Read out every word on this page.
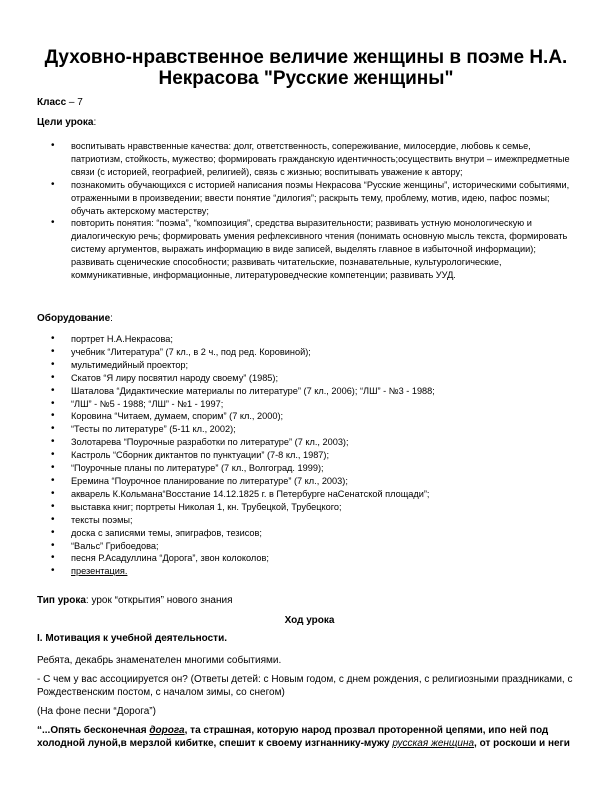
Духовно-нравственное величие женщины в поэме Н.А. Некрасова "Русские женщины"

Класс – 7

Цели урока:

• воспитывать нравственные качества: долг, ответственность, сопереживание, милосердие, любовь к семье, патриотизм, стойкость, мужество; формировать гражданскую идентичность;осуществить внутри – имежпредметные связи (с историей, географией, религией), связь с жизнью; воспитывать уважение к автору;
• познакомить обучающихся с историей написания поэмы Некрасова “Русские женщины”, историческими событиями, отраженными в произведении; ввести понятие “дилогия”; раскрыть тему, проблему, мотив, идею, пафос поэмы; обучать актерскому мастерству;
• повторить понятия: “поэма”, “композиция”, средства выразительности; развивать устную монологическую и диалогическую речь; формировать умения рефлексивного чтения (понимать основную мысль текста, формировать систему аргументов, выражать информацию в виде записей, выделять главное в избыточной информации); развивать сценические способности; развивать читательские, познавательные, культурологические, коммуникативные, информационные, литературоведческие компетенции; развивать УУД.

Оборудование:

• портрет Н.А.Некрасова;
• учебник “Литература” (7 кл., в 2 ч., под ред. Коровиной);
• мультимедийный проектор;
• Скатов “Я лиру посвятил народу своему” (1985);
• Шаталова “Дидактические материалы по литературе” (7 кл., 2006); “ЛШ” - №3 - 1988;
• “ЛШ” - №5 - 1988; “ЛШ” - №1 - 1997;
• Коровина “Читаем, думаем, спорим” (7 кл., 2000);
• “Тесты по литературе” (5-11 кл., 2002);
• Золотарева “Поурочные разработки по литературе” (7 кл., 2003);
• Кастроль “Сборник диктантов по пунктуации” (7-8 кл., 1987);
• “Поурочные планы по литературе” (7 кл., Волгоград. 1999);
• Еремина “Поурочное планирование по литературе” (7 кл., 2003);
• акварель К.Кольмана“Восстание 14.12.1825 г. в Петербурге наСенатской площади”;
• выставка книг; портреты Николая 1, кн. Трубецкой, Трубецкого;
• тексты поэмы;
• доска с записями темы, эпиграфов, тезисов;
• “Вальс” Грибоедова;
• песня Р.Асадуллина “Дорога”, звон колоколов;
• презентация.

Тип урока: урок “открытия” нового знания

Ход урока

I. Мотивация к учебной деятельности.

Ребята, декабрь знаменателен многими событиями.

- С чем у вас ассоциируется он? (Ответы детей: с Новым годом, с днем рождения, с религиозными праздниками, с Рождественским постом, с началом зимы, со снегом)

(На фоне песни “Дорога”)

“...Опять бесконечная дорога, та страшная, которую народ прозвал проторенной цепями, ипо ней под холодной луной,в мерзлой кибитке, спешит к своему изгнаннику-мужу русская женщина, от роскоши и неги
